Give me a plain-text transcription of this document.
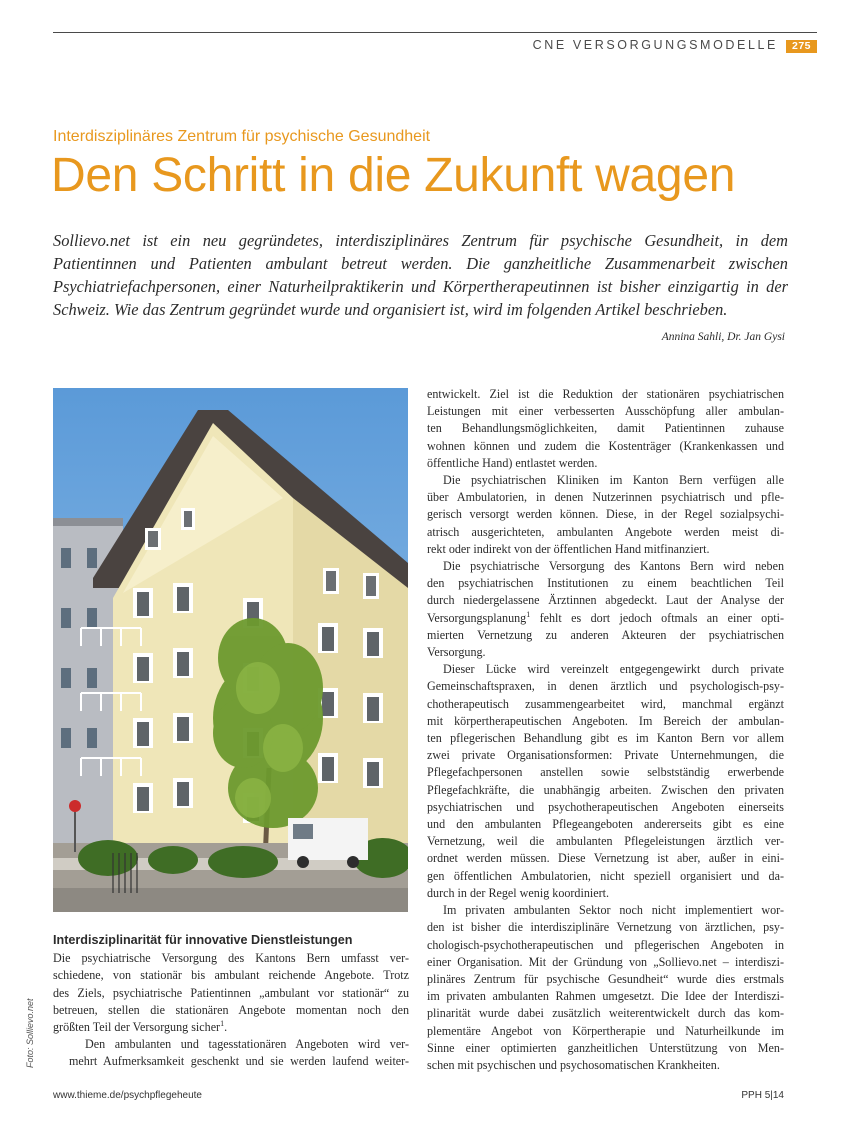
CNE VERSORGUNGSMODELLE	275
Interdisziplinäres Zentrum für psychische Gesundheit
Den Schritt in die Zukunft wagen
Sollievo.net ist ein neu gegründetes, interdisziplinäres Zentrum für psychische Gesundheit, in dem
Patientinnen und Patienten ambulant betreut werden. Die ganzheitliche Zusammenarbeit zwischen
Psychiatriefachpersonen, einer Naturheilpraktikerin und Körpertherapeutinnen ist bisher einzigartig in der
Schweiz. Wie das Zentrum gegründet wurde und organisiert ist, wird im folgenden Artikel beschrieben.
Annina Sahli, Dr. Jan Gysi
Foto: Sollievo.net
Interdisziplinarität für innovative Dienstleistungen
Die psychiatrische Versorgung des Kantons Bern umfasst ver-
schiedene, von stationär bis ambulant reichende Angebote. Trotz
des Ziels, psychiatrische Patientinnen „ambulant vor stationär“ zu
betreuen, stellen die stationären Angebote momentan noch den
größten Teil der Versorgung sicher$^1$.
Den ambulanten und tagesstationären Angeboten wird ver-
mehrt Aufmerksamkeit geschenkt und sie werden laufend weiter-
entwickelt. Ziel ist die Reduktion der stationären psychiatrischen
Leistungen mit einer verbesserten Ausschöpfung aller ambulan-
ten Behandlungsmöglichkeiten, damit Patientinnen zuhause
wohnen können und zudem die Kostenträger (Krankenkassen und
öffentliche Hand) entlastet werden.
Die psychiatrischen Kliniken im Kanton Bern verfügen alle
über Ambulatorien, in denen Nutzerinnen psychiatrisch und pfle-
gerisch versorgt werden können. Diese, in der Regel sozialpsychi-
atrisch ausgerichteten, ambulanten Angebote werden meist di-
rekt oder indirekt von der öffentlichen Hand mitfinanziert.
Die psychiatrische Versorgung des Kantons Bern wird neben
den psychiatrischen Institutionen zu einem beachtlichen Teil
durch niedergelassene Ärztinnen abgedeckt. Laut der Analyse der
Versorgungsplanung$^1$ fehlt es dort jedoch oftmals an einer opti-
mierten Vernetzung zu anderen Akteuren der psychiatrischen
Versorgung.
Dieser Lücke wird vereinzelt entgegengewirkt durch private
Gemeinschaftspraxen, in denen ärztlich und psychologisch-psy-
chotherapeutisch zusammengearbeitet wird, manchmal ergänzt
mit körpertherapeutischen Angeboten. Im Bereich der ambulan-
ten pflegerischen Behandlung gibt es im Kanton Bern vor allem
zwei private Organisationsformen: Private Unternehmungen, die
Pflegefachpersonen anstellen sowie selbstständig erwerbende
Pflegefachkräfte, die unabhängig arbeiten. Zwischen den privaten
psychiatrischen und psychotherapeutischen Angeboten einerseits
und den ambulanten Pflegeangeboten andererseits gibt es eine
Vernetzung, weil die ambulanten Pflegeleistungen ärztlich ver-
ordnet werden müssen. Diese Vernetzung ist aber, außer in eini-
gen öffentlichen Ambulatorien, nicht speziell organisiert und da-
durch in der Regel wenig koordiniert.
Im privaten ambulanten Sektor noch nicht implementiert wor-
den ist bisher die interdisziplinäre Vernetzung von ärztlichen, psy-
chologisch-psychotherapeutischen und pflegerischen Angeboten in
einer Organisation. Mit der Gründung von „Sollievo.net – interdiszi-
plinäres Zentrum für psychische Gesundheit“ wurde dies erstmals
im privaten ambulanten Rahmen umgesetzt. Die Idee der Interdiszi-
plinarität wurde dabei zusätzlich weiterentwickelt durch das kom-
plementäre Angebot von Körpertherapie und Naturheilkunde im
Sinne einer optimierten ganzheitlichen Unterstützung von Men-
schen mit psychischen und psychosomatischen Krankheiten.
www.thieme.de/psychpflegeheute	PPH 5|14
